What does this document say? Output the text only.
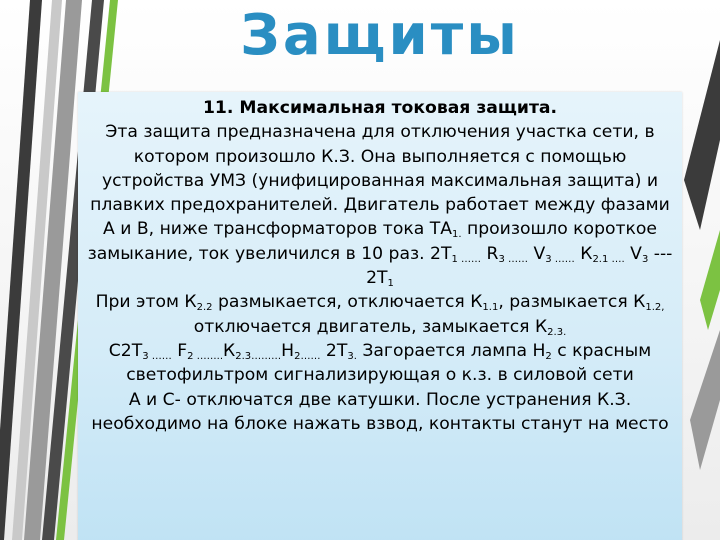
Защиты

11. Максимальная токовая защита.

Эта защита предназначена для отключения участка сети, в котором произошло К.З. Она выполняется с помощью устройства УМЗ (унифицированная максимальная защита) и плавких предохранителей. Двигатель работает между фазами А и В, ниже трансформаторов тока ТА1. произошло короткое замыкание, ток увеличился в 10 раз. 2Т1 …… R3 …… V3 …… К2.1 …. V3 --- 2Т1

При этом К2.2 размыкается, отключается К1.1, размыкается К1.2, отключается двигатель, замыкается К2.3.

С2Т3 …… F2 ……..К2.3………Н2…… 2Т3. Загорается лампа Н2 с красным светофильтром сигнализирующая о к.з. в силовой сети

А и С- отключатся две катушки. После устранения К.З. необходимо на блоке нажать взвод, контакты станут на место
